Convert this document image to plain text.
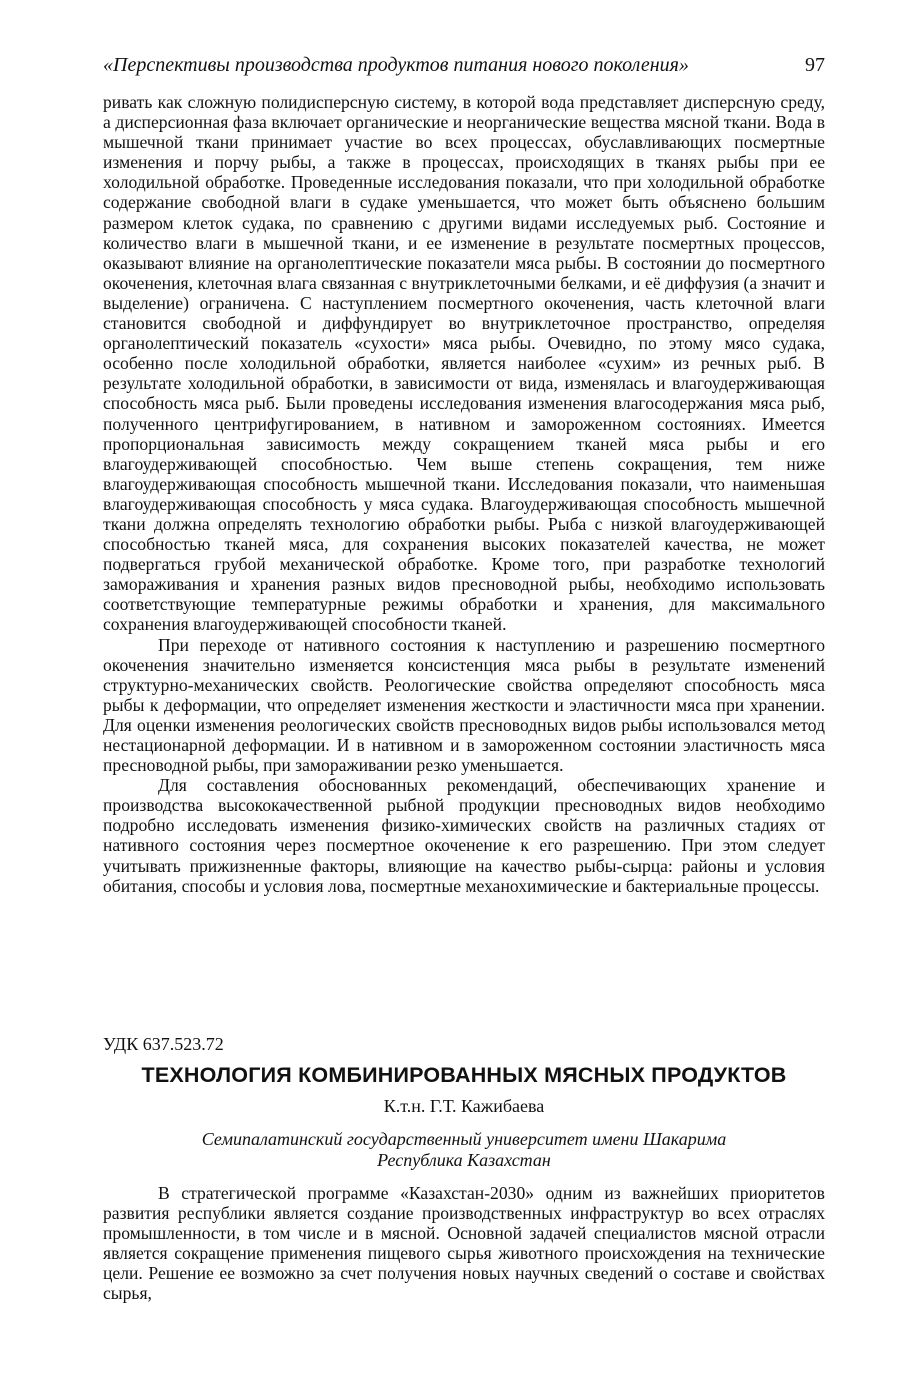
«Перспективы производства продуктов питания нового поколения»	97

ривать как сложную полидисперсную систему, в которой вода представляет дисперсную среду, а дисперсионная фаза включает органические и неорганические вещества мясной ткани. Вода в мышечной ткани принимает участие во всех процессах, обуславливающих посмертные изменения и порчу рыбы, а также в процессах, происходящих в тканях рыбы при ее холодильной обработке. Проведенные исследования показали, что при холодильной обработке содержание свободной влаги в судаке уменьшается, что может быть объяснено большим размером клеток судака, по сравнению с другими видами исследуемых рыб. Состояние и количество влаги в мышечной ткани, и ее изменение в результате посмертных процессов, оказывают влияние на органолептические показатели мяса рыбы. В состоянии до посмертного окоченения, клеточная влага связанная с внутриклеточными белками, и её диффузия (а значит и выделение) ограничена. С наступлением посмертного окоченения, часть клеточной влаги становится свободной и диффундирует во внутриклеточное пространство, определяя органолептический показатель «сухости» мяса рыбы. Очевидно, по этому мясо судака, особенно после холодильной обработки, является наиболее «сухим» из речных рыб. В результате холодильной обработки, в зависимости от вида, изменялась и влагоудерживающая способность мяса рыб. Были проведены исследования изменения влагосодержания мяса рыб, полученного центрифугированием, в нативном и замороженном состояниях. Имеется пропорциональная зависимость между сокращением тканей мяса рыбы и его влагоудерживающей способностью. Чем выше степень сокращения, тем ниже влагоудерживающая способность мышечной ткани. Исследования показали, что наименьшая влагоудерживающая способность у мяса судака. Влагоудерживающая способность мышечной ткани должна определять технологию обработки рыбы. Рыба с низкой влагоудерживающей способностью тканей мяса, для сохранения высоких показателей качества, не может подвергаться грубой механической обработке. Кроме того, при разработке технологий замораживания и хранения разных видов пресноводной рыбы, необходимо использовать соответствующие температурные режимы обработки и хранения, для максимального сохранения влагоудерживающей способности тканей.

При переходе от нативного состояния к наступлению и разрешению посмертного окоченения значительно изменяется консистенция мяса рыбы в результате изменений структурно-механических свойств. Реологические свойства определяют способность мяса рыбы к деформации, что определяет изменения жесткости и эластичности мяса при хранении. Для оценки изменения реологических свойств пресноводных видов рыбы использовался метод нестационарной деформации. И в нативном и в замороженном состоянии эластичность мяса пресноводной рыбы, при замораживании резко уменьшается.

Для составления обоснованных рекомендаций, обеспечивающих хранение и производства высококачественной рыбной продукции пресноводных видов необходимо подробно исследовать изменения физико-химических свойств на различных стадиях от нативного состояния через посмертное окоченение к его разрешению. При этом следует учитывать прижизненные факторы, влияющие на качество рыбы-сырца: районы и условия обитания, способы и условия лова, посмертные механохимические и бактериальные процессы.

УДК 637.523.72

ТЕХНОЛОГИЯ КОМБИНИРОВАННЫХ МЯСНЫХ ПРОДУКТОВ

К.т.н. Г.Т. Кажибаева

Семипалатинский государственный университет имени Шакарима
Республика Казахстан

В стратегической программе «Казахстан-2030» одним из важнейших приоритетов развития республики является создание производственных инфраструктур во всех отраслях промышленности, в том числе и в мясной. Основной задачей специалистов мясной отрасли является сокращение применения пищевого сырья животного происхождения на технические цели. Решение ее возможно за счет получения новых научных сведений о составе и свойствах сырья,
